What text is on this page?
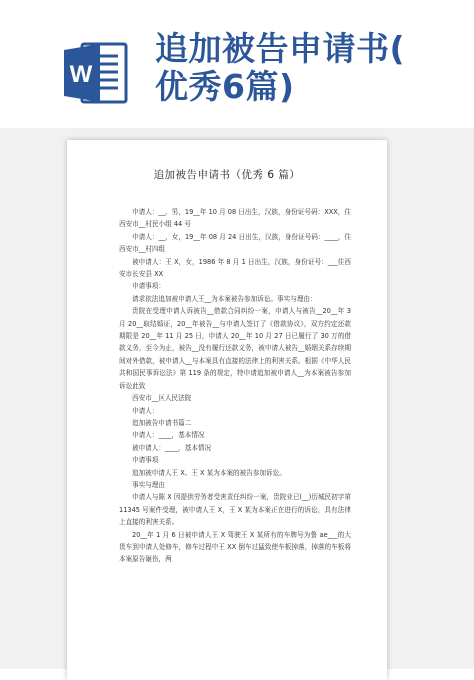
W
追加被告申请书(
优秀6篇)
追加被告申请书（优秀 6 篇）

申请人：__，男，19__年 10 月 08 日出生，汉族，身份证号码：XXX，住西安市__村民小组 44 号

申请人：__，女，19__年 08 月 24 日出生，汉族，身份证号码：____，住西安市__村四组

被申请人：王 X，女，1986 年 8 月 1 日出生，汉族，身份证号：___住西安市长安县 XX

申请事项：

请求依法追加被申请人王__为本案被告参加诉讼。事实与理由：

贵院在受理申请人诉被告__借款合同纠纷一案，申请人与被告__20__年 3 月 20__取结婚证，20__年被告__与申请人签订了《借款协议》，双方约定还款期限是 20__年 11 月 25 日，申请人 20__年 10 月 27 日已履行了 30 万的借款义务，至今为止，被告__没有履行还款义务，被申请人被告__婚姻关系存续期间对外借款，被申请人__与本案具有直接的法律上的利害关系。根据《中华人民共和国民事诉讼法》第 119 条的规定，特申请追加被申请人__为本案被告参加诉讼此致

西安市__区人民法院

申请人：

追加被告申请书篇二

申请人：____，基本情况

被申请人：____，基本情况

申请事项

追加被申请人王 X、王 X 某为本案的被告参加诉讼。

事实与理由

申请人与陈 X 因提供劳务者受害责任纠纷一案，贵院业已(__)历城民初字第 11345 号案件受理，被申请人王 X，王 X 某为本案正在进行的诉讼，具有法律上直接的利害关系。

20__年 1 月 6 日被申请人王 X 驾驶王 X 某所有的车牌号为鲁 ae___的大货车到申请人处修车，修车过程中王 XX 倒车过猛致使车板掉落，掉落的车板将本案原告砸伤，两
